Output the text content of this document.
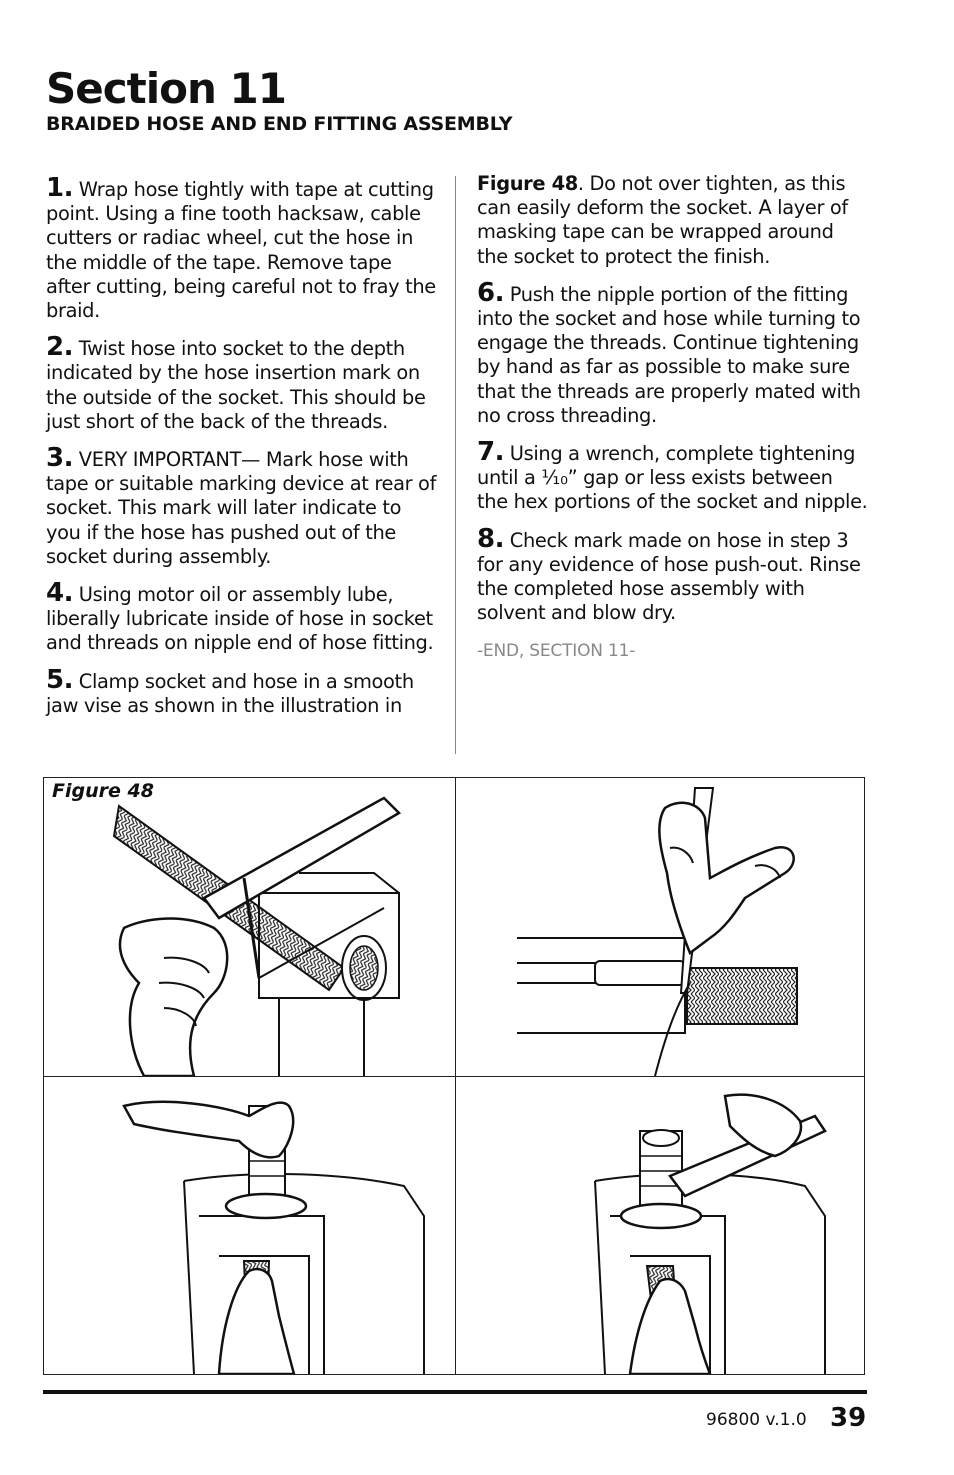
Section 11
BRAIDED HOSE AND END FITTING ASSEMBLY

1. Wrap hose tightly with tape at cutting point. Using a fine tooth hacksaw, cable cutters or radiac wheel, cut the hose in the middle of the tape. Remove tape after cutting, being careful not to fray the braid.

2. Twist hose into socket to the depth indicated by the hose insertion mark on the outside of the socket. This should be just short of the back of the threads.

3. VERY IMPORTANT— Mark hose with tape or suitable marking device at rear of socket. This mark will later indicate to you if the hose has pushed out of the socket during assembly.

4. Using motor oil or assembly lube, liberally lubricate inside of hose in socket and threads on nipple end of hose fitting.

5. Clamp socket and hose in a smooth jaw vise as shown in the illustration in

Figure 48. Do not over tighten, as this can easily deform the socket. A layer of masking tape can be wrapped around the socket to protect the finish.

6. Push the nipple portion of the fitting into the socket and hose while turning to engage the threads. Continue tightening by hand as far as possible to make sure that the threads are properly mated with no cross threading.

7. Using a wrench, complete tightening until a ⅒” gap or less exists between the hex portions of the socket and nipple.

8. Check mark made on hose in step 3 for any evidence of hose push-out. Rinse the completed hose assembly with solvent and blow dry.

-END, SECTION 11-
Figure 48
96800 v.1.0 39
